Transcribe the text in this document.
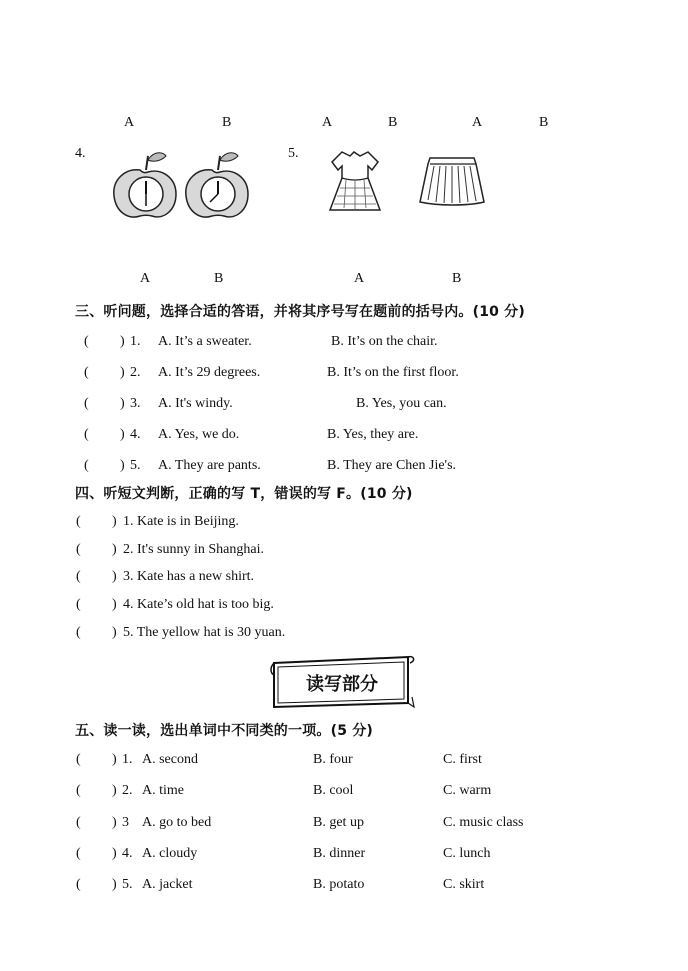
A	B	A	B	A	B
4.
A	B
5.
A	B
三、听问题，选择合适的答语，并将其序号写在题前的括号内。(10 分)
( ) 1. A. It’s a sweater.	B. It’s on the chair.
( ) 2. A. It’s 29 degrees.	B. It’s on the first floor.
( ) 3. A. It's windy.	B. Yes, you can.
( ) 4. A. Yes, we do.	B. Yes, they are.
( ) 5. A. They are pants.	B. They are Chen Jie's.
四、听短文判断，正确的写 T，错误的写 F。(10 分)
( ) 1. Kate is in Beijing.
( ) 2. It's sunny in Shanghai.
( ) 3. Kate has a new shirt.
( ) 4. Kate’s old hat is too big.
( ) 5. The yellow hat is 30 yuan.
读写部分
五、读一读，选出单词中不同类的一项。(5 分)
( ) 1. A. second	B. four	C. first
( ) 2. A. time	B. cool	C. warm
( ) 3 A. go to bed	B. get up	C. music class
( ) 4. A. cloudy	B. dinner	C. lunch
( ) 5. A. jacket	B. potato	C. skirt
